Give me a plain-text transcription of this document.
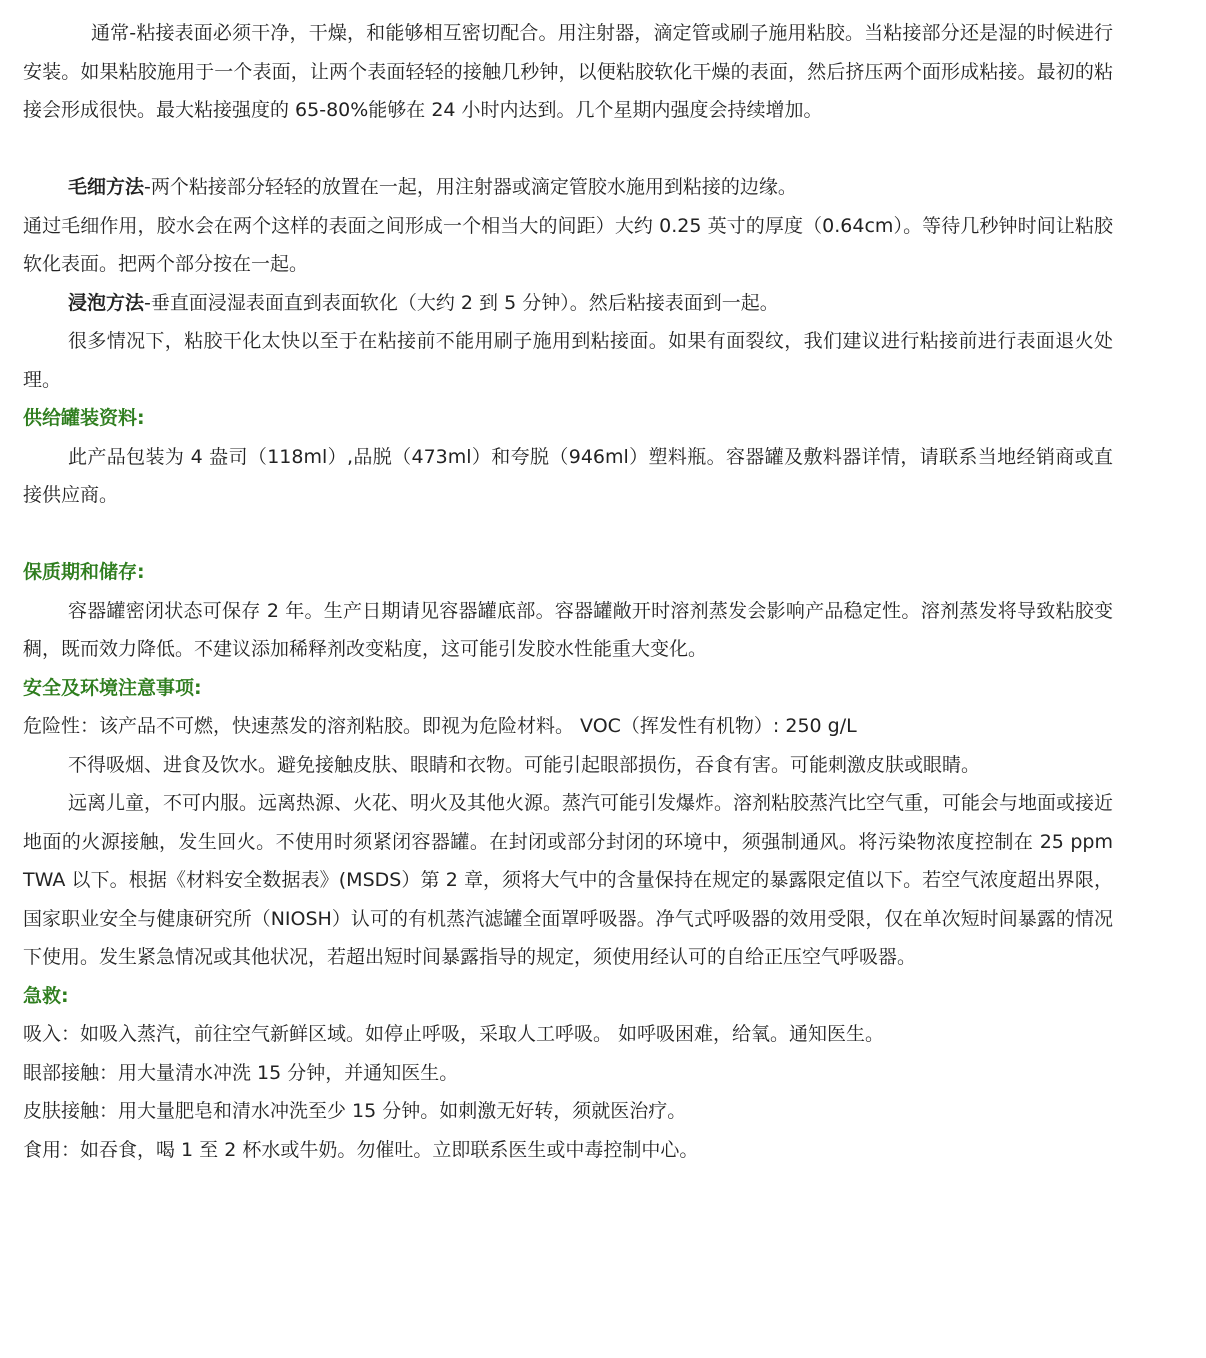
通常-粘接表面必须干净，干燥，和能够相互密切配合。用注射器，滴定管或刷子施用粘胶。当粘接部分还是湿的时候进行安装。如果粘胶施用于一个表面，让两个表面轻轻的接触几秒钟，以便粘胶软化干燥的表面，然后挤压两个面形成粘接。最初的粘接会形成很快。最大粘接强度的 65-80%能够在 24 小时内达到。几个星期内强度会持续增加。

毛细方法-两个粘接部分轻轻的放置在一起，用注射器或滴定管胶水施用到粘接的边缘。

通过毛细作用，胶水会在两个这样的表面之间形成一个相当大的间距）大约 0.25 英寸的厚度（0.64cm）。等待几秒钟时间让粘胶软化表面。把两个部分按在一起。

浸泡方法-垂直面浸湿表面直到表面软化（大约 2 到 5 分钟）。然后粘接表面到一起。

很多情况下，粘胶干化太快以至于在粘接前不能用刷子施用到粘接面。如果有面裂纹，我们建议进行粘接前进行表面退火处理。

供给罐装资料:

此产品包装为 4 盎司（118ml）,品脱（473ml）和夸脱（946ml）塑料瓶。容器罐及敷料器详情，请联系当地经销商或直接供应商。

保质期和储存:

容器罐密闭状态可保存 2 年。生产日期请见容器罐底部。容器罐敞开时溶剂蒸发会影响产品稳定性。溶剂蒸发将导致粘胶变稠，既而效力降低。不建议添加稀释剂改变粘度，这可能引发胶水性能重大变化。

安全及环境注意事项:

危险性：该产品不可燃，快速蒸发的溶剂粘胶。即视为危险材料。 VOC（挥发性有机物）: 250 g/L

不得吸烟、进食及饮水。避免接触皮肤、眼睛和衣物。可能引起眼部损伤，吞食有害。可能刺激皮肤或眼睛。

远离儿童，不可内服。远离热源、火花、明火及其他火源。蒸汽可能引发爆炸。溶剂粘胶蒸汽比空气重，可能会与地面或接近地面的火源接触，发生回火。不使用时须紧闭容器罐。在封闭或部分封闭的环境中，须强制通风。将污染物浓度控制在 25 ppm TWA 以下。根据《材料安全数据表》(MSDS）第 2 章，须将大气中的含量保持在规定的暴露限定值以下。若空气浓度超出界限，国家职业安全与健康研究所（NIOSH）认可的有机蒸汽滤罐全面罩呼吸器。净气式呼吸器的效用受限，仅在单次短时间暴露的情况下使用。发生紧急情况或其他状况，若超出短时间暴露指导的规定，须使用经认可的自给正压空气呼吸器。

急救:

吸入：如吸入蒸汽，前往空气新鲜区域。如停止呼吸，采取人工呼吸。 如呼吸困难，给氧。通知医生。

眼部接触：用大量清水冲洗 15 分钟，并通知医生。

皮肤接触：用大量肥皂和清水冲洗至少 15 分钟。如刺激无好转，须就医治疗。

食用：如吞食，喝 1 至 2 杯水或牛奶。勿催吐。立即联系医生或中毒控制中心。
